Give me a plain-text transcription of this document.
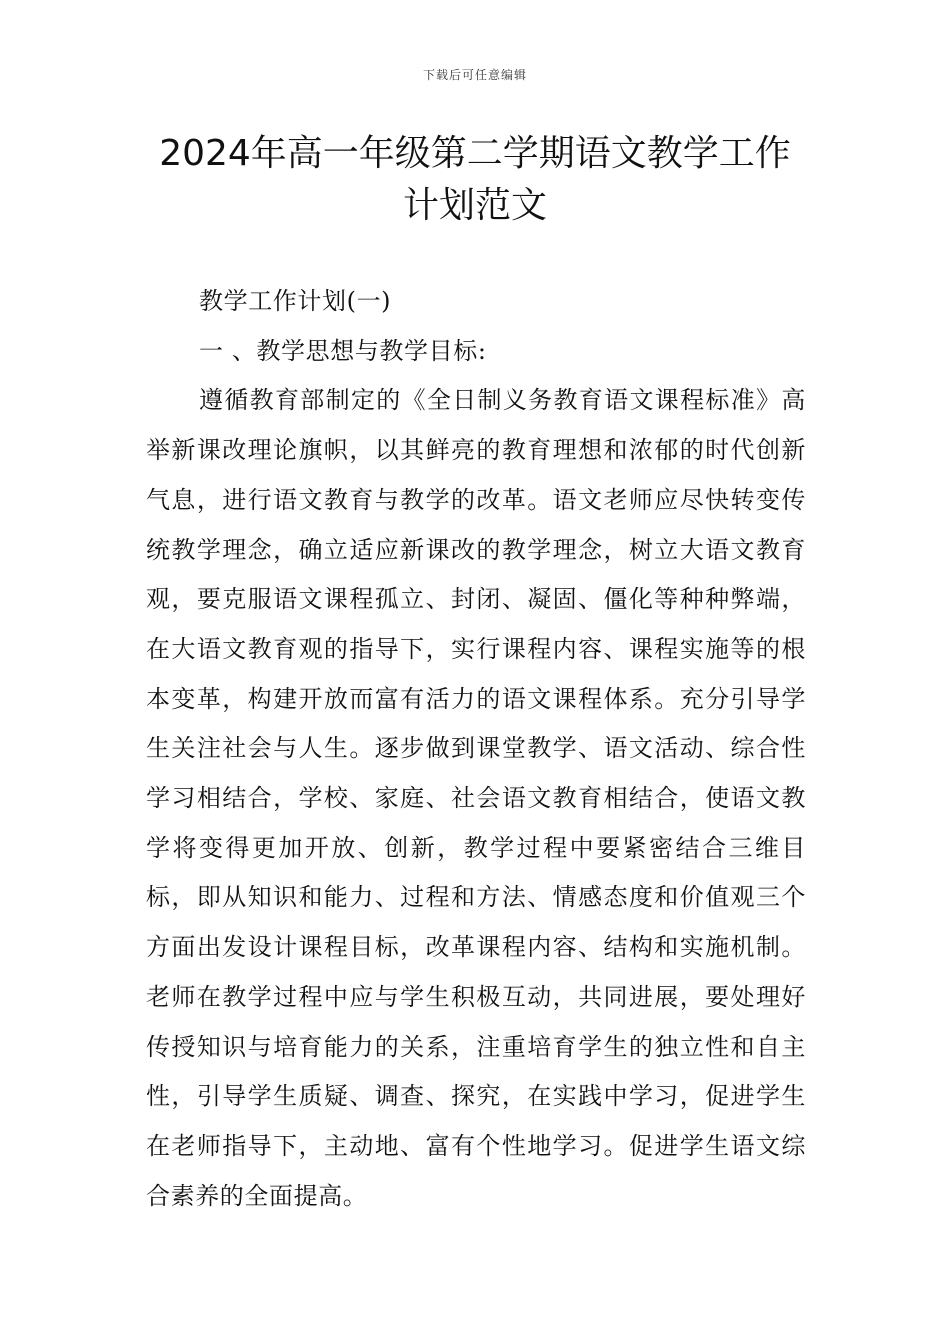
下载后可任意编辑
2024年高一年级第二学期语文教学工作计划范文

教学工作计划(一)

一 、教学思想与教学目标:

遵循教育部制定的《全日制义务教育语文课程标准》高举新课改理论旗帜，以其鲜亮的教育理想和浓郁的时代创新气息，进行语文教育与教学的改革。语文老师应尽快转变传统教学理念，确立适应新课改的教学理念，树立大语文教育观，要克服语文课程孤立、封闭、凝固、僵化等种种弊端，在大语文教育观的指导下，实行课程内容、课程实施等的根本变革，构建开放而富有活力的语文课程体系。充分引导学生关注社会与人生。逐步做到课堂教学、语文活动、综合性学习相结合，学校、家庭、社会语文教育相结合，使语文教学将变得更加开放、创新，教学过程中要紧密结合三维目标，即从知识和能力、过程和方法、情感态度和价值观三个方面出发设计课程目标，改革课程内容、结构和实施机制。老师在教学过程中应与学生积极互动，共同进展，要处理好传授知识与培育能力的关系，注重培育学生的独立性和自主性，引导学生质疑、调查、探究，在实践中学习，促进学生在老师指导下，主动地、富有个性地学习。促进学生语文综合素养的全面提高。
